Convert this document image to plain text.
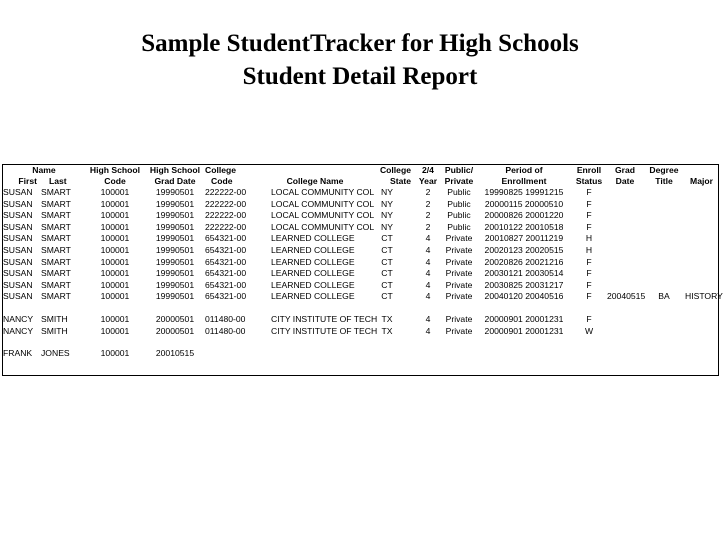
Sample StudentTracker for High Schools
Student Detail Report
Name		High School	High School	College		College	2/4	Public/	Period of	Enroll	Grad	Degree	
First	Last	Code	Grad Date	Code	College Name	State	Year	Private	Enrollment	Status	Date	Title	Major
SUSAN	SMART	100001	19990501	222222-00	LOCAL COMMUNITY COL	NY	2	Public	19990825 19991215	F			
SUSAN	SMART	100001	19990501	222222-00	LOCAL COMMUNITY COL	NY	2	Public	20000115 20000510	F			
SUSAN	SMART	100001	19990501	222222-00	LOCAL COMMUNITY COL	NY	2	Public	20000826 20001220	F			
SUSAN	SMART	100001	19990501	222222-00	LOCAL COMMUNITY COL	NY	2	Public	20010122 20010518	F			
SUSAN	SMART	100001	19990501	654321-00	LEARNED COLLEGE	CT	4	Private	20010827 20011219	H			
SUSAN	SMART	100001	19990501	654321-00	LEARNED COLLEGE	CT	4	Private	20020123 20020515	H			
SUSAN	SMART	100001	19990501	654321-00	LEARNED COLLEGE	CT	4	Private	20020826 20021216	F			
SUSAN	SMART	100001	19990501	654321-00	LEARNED COLLEGE	CT	4	Private	20030121 20030514	F			
SUSAN	SMART	100001	19990501	654321-00	LEARNED COLLEGE	CT	4	Private	20030825 20031217	F			
SUSAN	SMART	100001	19990501	654321-00	LEARNED COLLEGE	CT	4	Private	20040120 20040516	F	20040515	BA	HISTORY

NANCY	SMITH	100001	20000501	011480-00	CITY INSTITUTE OF TECH	TX	4	Private	20000901 20001231	F			
NANCY	SMITH	100001	20000501	011480-00	CITY INSTITUTE OF TECH	TX	4	Private	20000901 20001231	W			

FRANK	JONES	100001	20010515										
